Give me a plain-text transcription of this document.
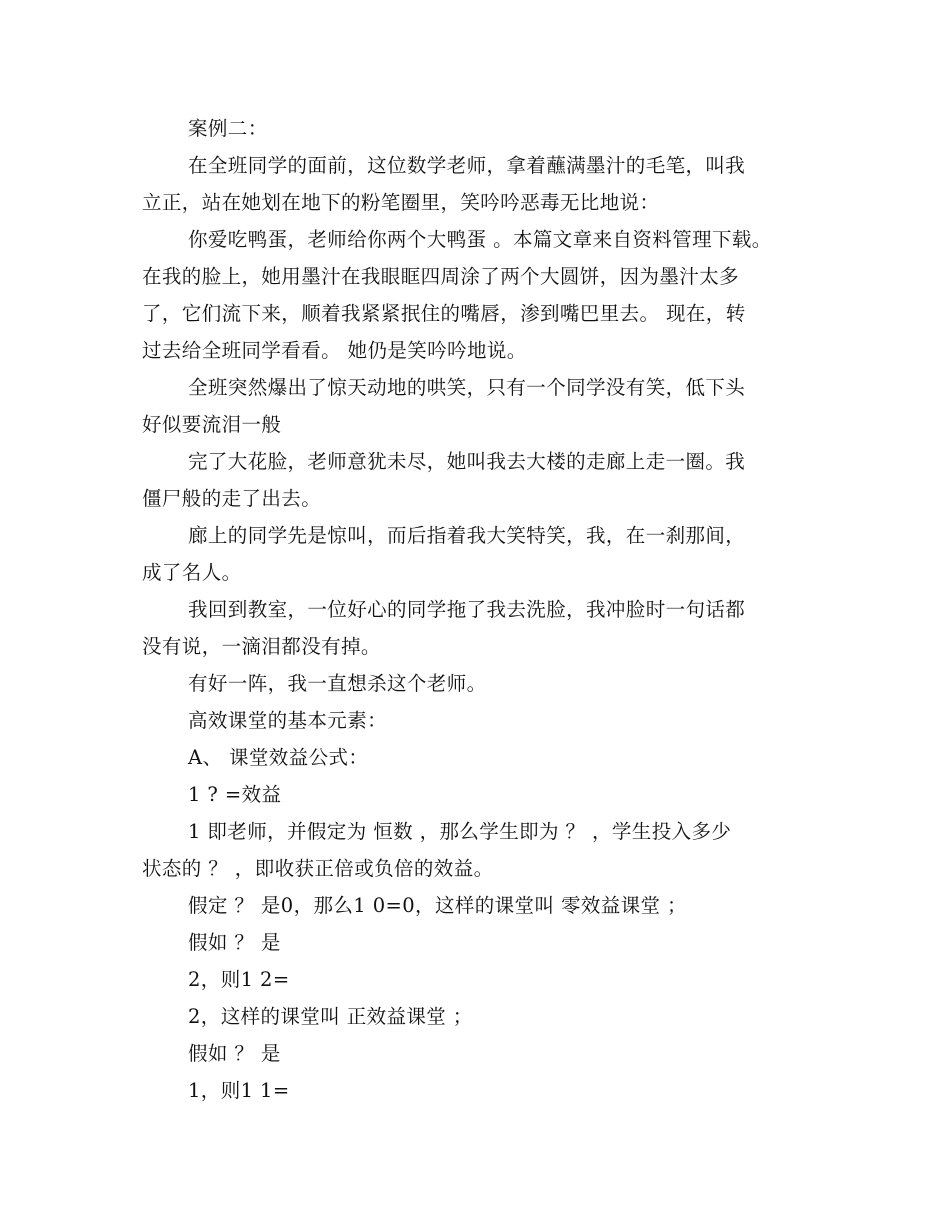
案例二：
在全班同学的面前，这位数学老师，拿着蘸满墨汁的毛笔，叫我
立正，站在她划在地下的粉笔圈里，笑吟吟恶毒无比地说：
你爱吃鸭蛋，老师给你两个大鸭蛋 。本篇文章来自资料管理下载。
在我的脸上，她用墨汁在我眼眶四周涂了两个大圆饼，因为墨汁太多
了，它们流下来，顺着我紧紧抿住的嘴唇，渗到嘴巴里去。 现在，转
过去给全班同学看看。 她仍是笑吟吟地说。
全班突然爆出了惊天动地的哄笑，只有一个同学没有笑，低下头
好似要流泪一般
完了大花脸，老师意犹未尽，她叫我去大楼的走廊上走一圈。我
僵尸般的走了出去。
廊上的同学先是惊叫，而后指着我大笑特笑，我，在一刹那间，
成了名人。
我回到教室，一位好心的同学拖了我去洗脸，我冲脸时一句话都
没有说，一滴泪都没有掉。
有好一阵，我一直想杀这个老师。
高效课堂的基本元素：
A、 课堂效益公式：
1 ? =效益
1 即老师，并假定为 恒数 ，那么学生即为 ？ ，学生投入多少
状态的 ？ ，即收获正倍或负倍的效益。
假定 ？ 是0，那么1 0=0，这样的课堂叫 零效益课堂 ；
假如 ？ 是
2，则1 2=
2，这样的课堂叫 正效益课堂 ；
假如 ？ 是
1，则1 1=
